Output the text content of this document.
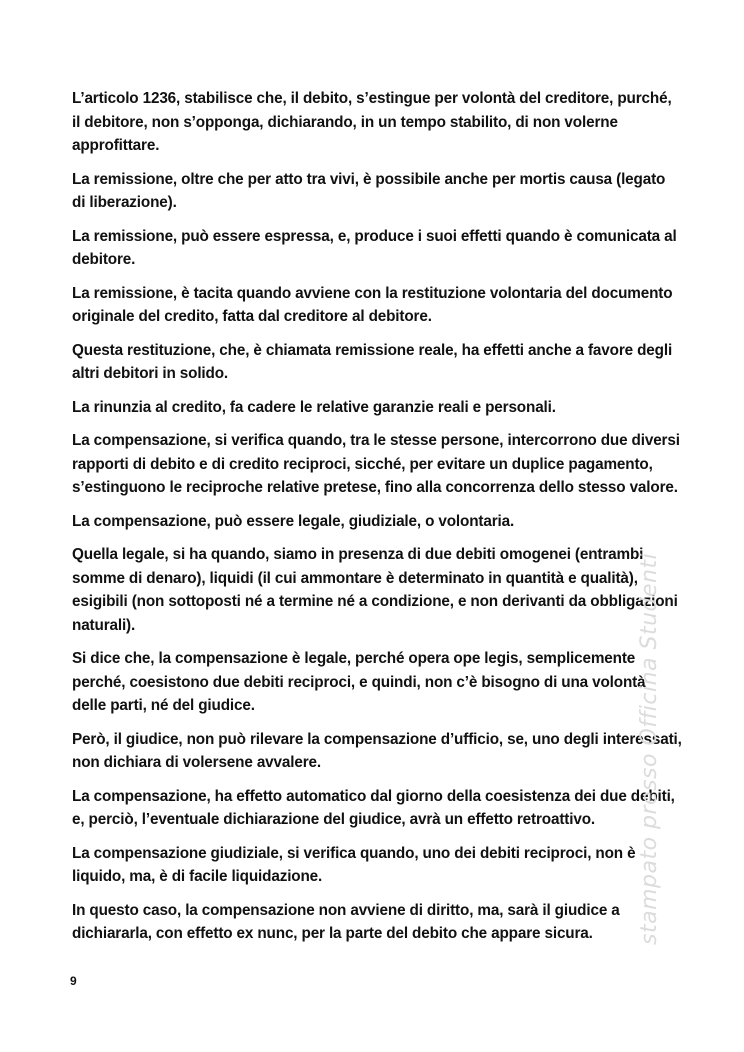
L’articolo 1236, stabilisce che, il debito, s’estingue per volontà del creditore, purché, il debitore, non s’opponga, dichiarando, in un tempo stabilito, di non volerne approfittare.

La remissione, oltre che per atto tra vivi, è possibile anche per mortis causa (legato di liberazione).

La remissione, può essere espressa, e, produce i suoi effetti quando è comunicata al debitore.

La remissione, è tacita quando avviene con la restituzione volontaria del documento originale del credito, fatta dal creditore al debitore.

Questa restituzione, che, è chiamata remissione reale, ha effetti anche a favore degli altri debitori in solido.

La rinunzia al credito, fa cadere le relative garanzie reali e personali.

La compensazione, si verifica quando, tra le stesse persone, intercorrono due diversi rapporti di debito e di credito reciproci, sicché, per evitare un duplice pagamento, s’estinguono le reciproche relative pretese, fino alla concorrenza dello stesso valore.

La compensazione, può essere legale, giudiziale, o volontaria.

Quella legale, si ha quando, siamo in presenza di due debiti omogenei (entrambi somme di denaro), liquidi (il cui ammontare è determinato in quantità e qualità), esigibili (non sottoposti né a termine né a condizione, e non derivanti da obbligazioni naturali).

Si dice che, la compensazione è legale, perché opera ope legis, semplicemente perché, coesistono due debiti reciproci, e quindi, non c’è bisogno di una volontà delle parti, né del giudice.

Però, il giudice, non può rilevare la compensazione d’ufficio, se, uno degli interessati, non dichiara di volersene avvalere.

La compensazione, ha effetto automatico dal giorno della coesistenza dei due debiti, e, perciò, l’eventuale dichiarazione del giudice, avrà un effetto retroattivo.

La compensazione giudiziale, si verifica quando, uno dei debiti reciproci, non è liquido, ma, è di facile liquidazione.

In questo caso, la compensazione non avviene di diritto, ma, sarà il giudice a dichiararla, con effetto ex nunc, per la parte del debito che appare sicura.	stampato presso Officina Studenti
9
